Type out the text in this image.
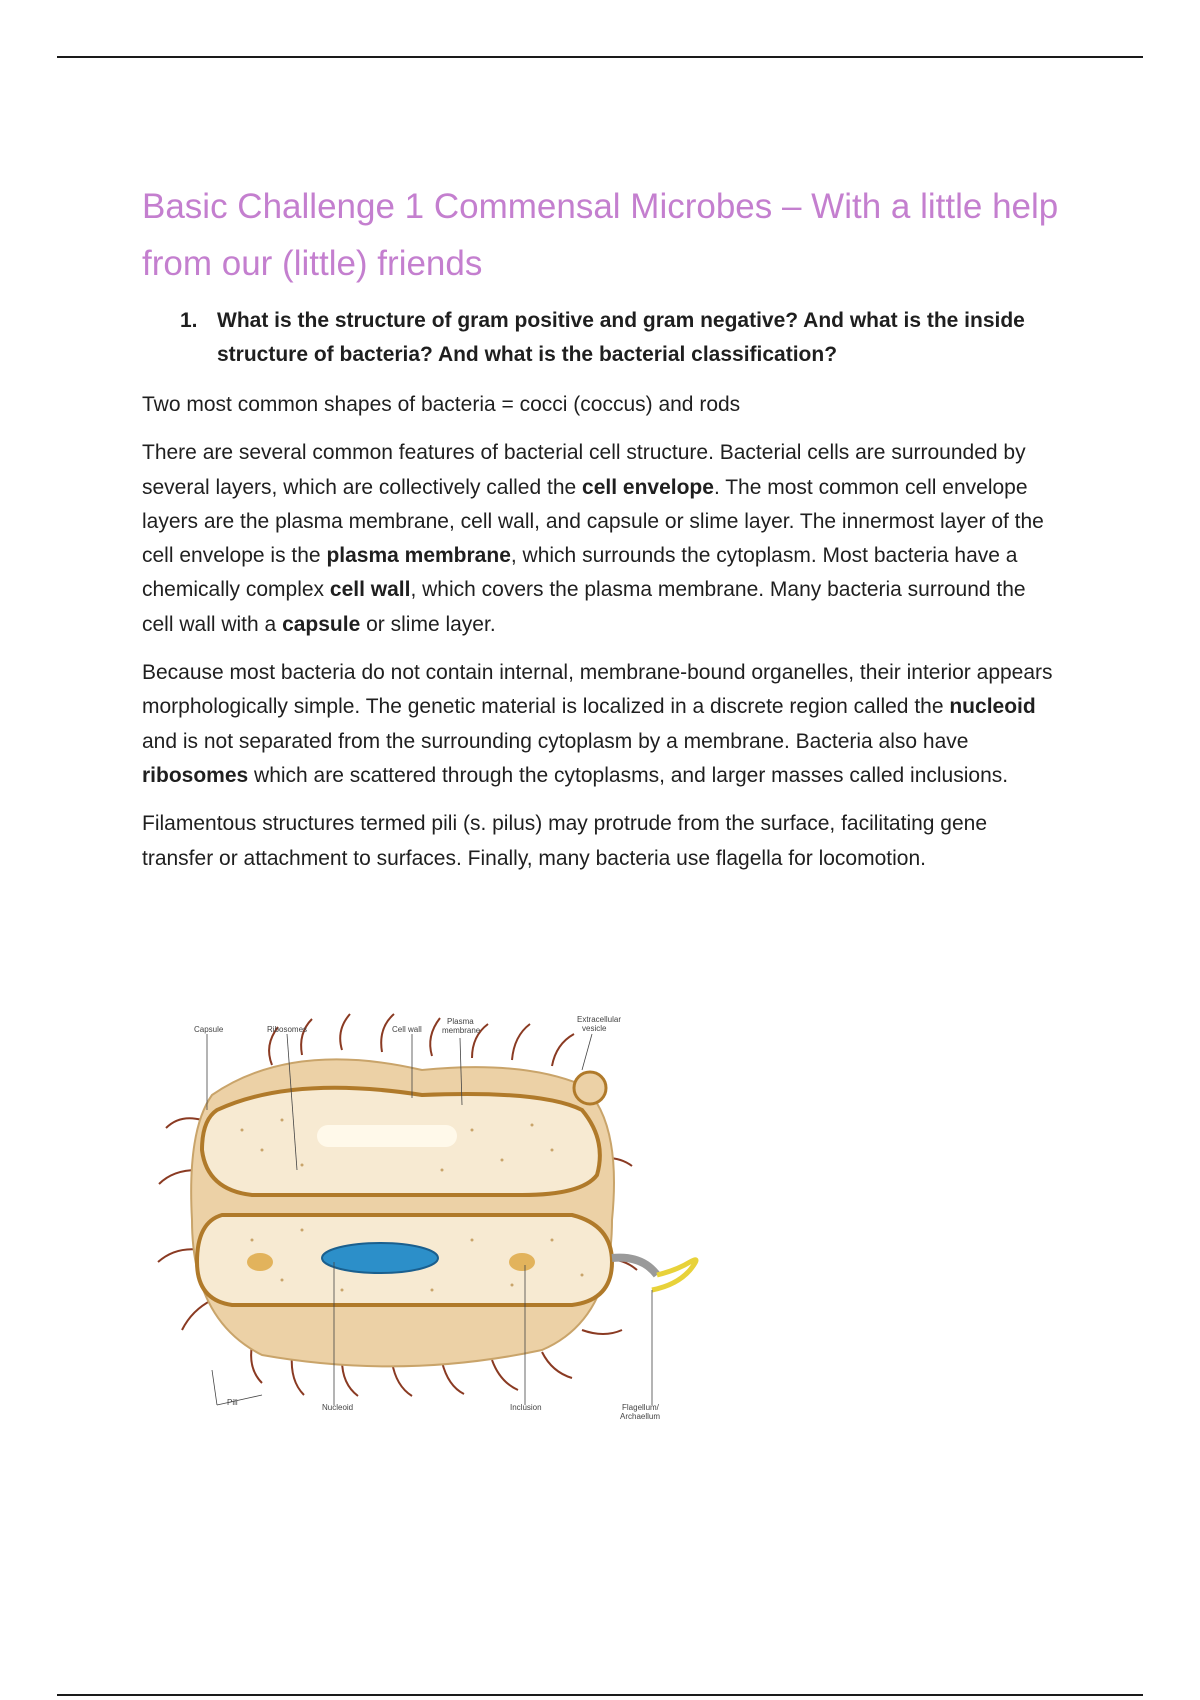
Basic Challenge 1 Commensal Microbes – With a little help from our (little) friends
1. What is the structure of gram positive and gram negative? And what is the inside structure of bacteria? And what is the bacterial classification?

Two most common shapes of bacteria = cocci (coccus) and rods

There are several common features of bacterial cell structure. Bacterial cells are surrounded by several layers, which are collectively called the cell envelope. The most common cell envelope layers are the plasma membrane, cell wall, and capsule or slime layer. The innermost layer of the cell envelope is the plasma membrane, which surrounds the cytoplasm. Most bacteria have a chemically complex cell wall, which covers the plasma membrane. Many bacteria surround the cell wall with a capsule or slime layer.

Because most bacteria do not contain internal, membrane-bound organelles, their interior appears morphologically simple. The genetic material is localized in a discrete region called the nucleoid and is not separated from the surrounding cytoplasm by a membrane. Bacteria also have ribosomes which are scattered through the cytoplasms, and larger masses called inclusions.

Filamentous structures termed pili (s. pilus) may protrude from the surface, facilitating gene transfer or attachment to surfaces. Finally, many bacteria use flagella for locomotion.

Capsule	Ribosomes	Cell wall
Plasma
membrane
Extracellular
vesicle
Pili
Nucleoid	Inclusion	Flagellum/
Archaellum
